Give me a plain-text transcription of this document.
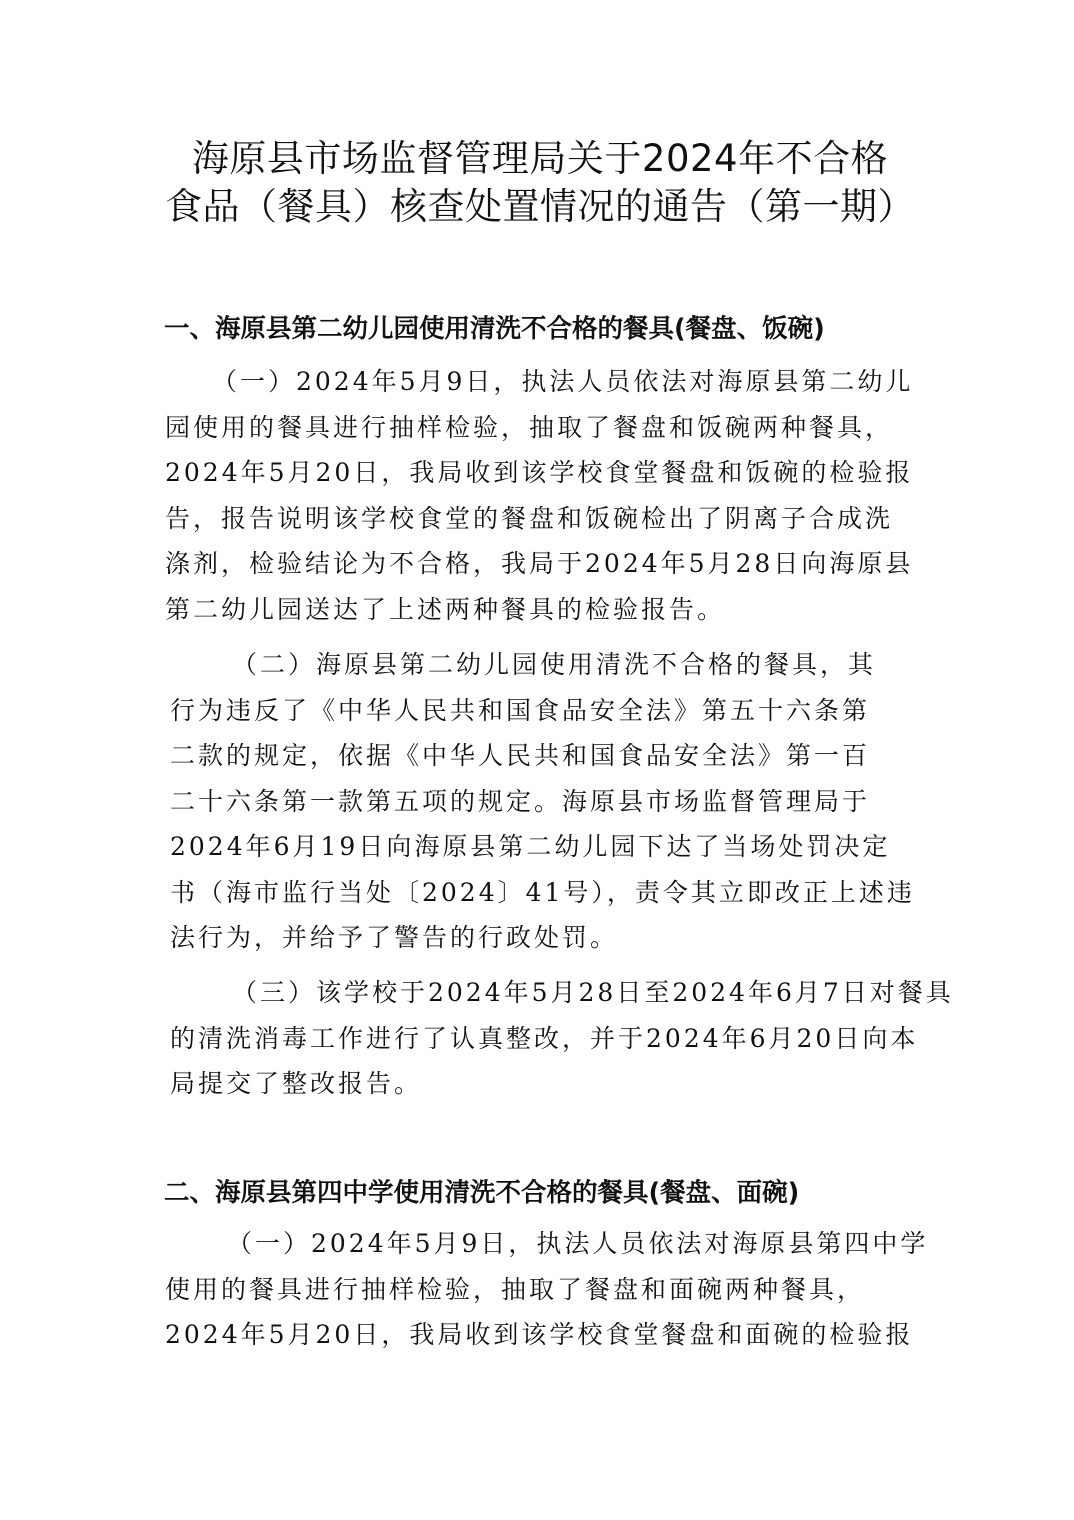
海原县市场监督管理局关于2024年不合格
食品（餐具）核查处置情况的通告（第一期）
一、海原县第二幼儿园使用清洗不合格的餐具(餐盘、饭碗)
（一）2024年5月9日，执法人员依法对海原县第二幼儿
园使用的餐具进行抽样检验，抽取了餐盘和饭碗两种餐具，
2024年5月20日，我局收到该学校食堂餐盘和饭碗的检验报
告，报告说明该学校食堂的餐盘和饭碗检出了阴离子合成洗
涤剂，检验结论为不合格，我局于2024年5月28日向海原县
第二幼儿园送达了上述两种餐具的检验报告。
（二）海原县第二幼儿园使用清洗不合格的餐具，其
行为违反了《中华人民共和国食品安全法》第五十六条第
二款的规定，依据《中华人民共和国食品安全法》第一百
二十六条第一款第五项的规定。海原县市场监督管理局于
2024年6月19日向海原县第二幼儿园下达了当场处罚决定
书（海市监行当处〔2024〕41号），责令其立即改正上述违
法行为，并给予了警告的行政处罚。
（三）该学校于2024年5月28日至2024年6月7日对餐具
的清洗消毒工作进行了认真整改，并于2024年6月20日向本
局提交了整改报告。
二、海原县第四中学使用清洗不合格的餐具(餐盘、面碗)
（一）2024年5月9日，执法人员依法对海原县第四中学
使用的餐具进行抽样检验，抽取了餐盘和面碗两种餐具，
2024年5月20日，我局收到该学校食堂餐盘和面碗的检验报
